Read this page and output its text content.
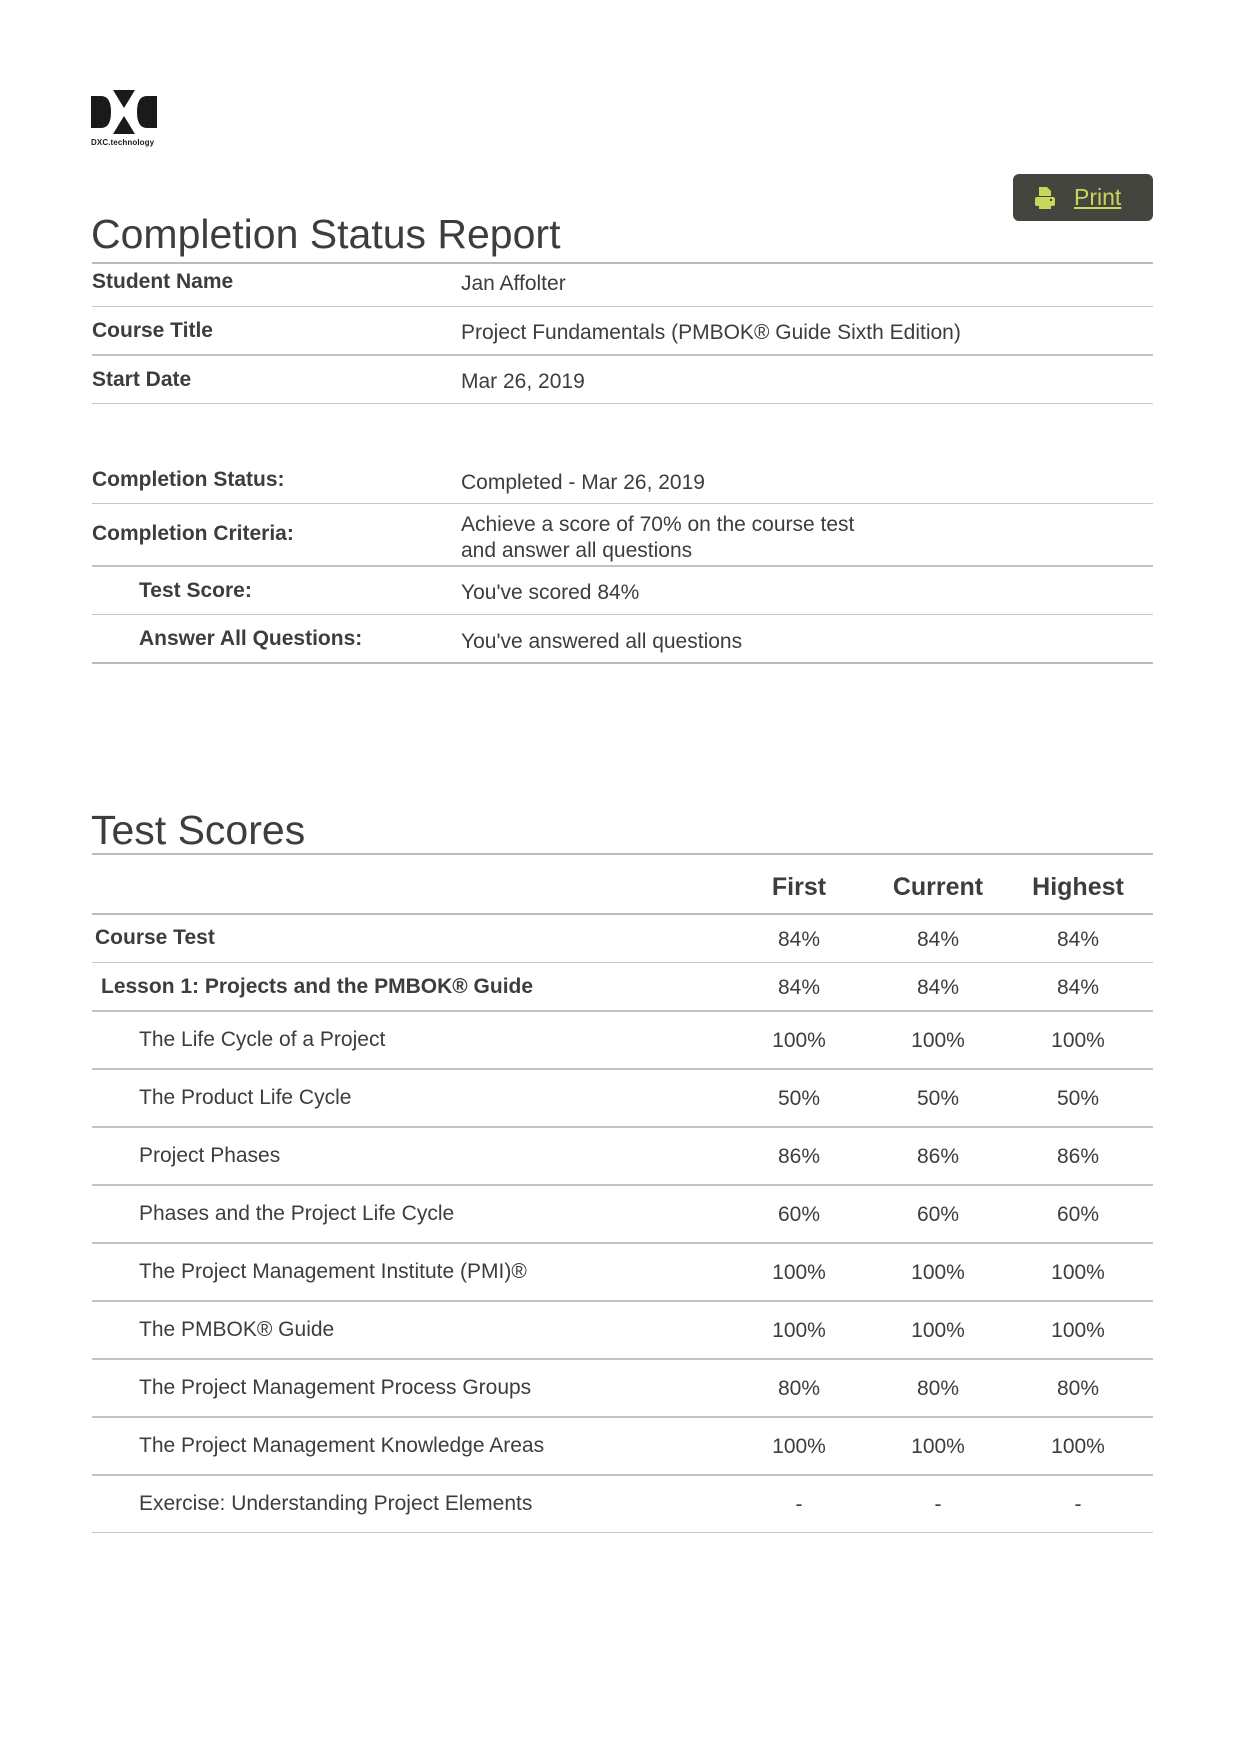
DXC.technology
Print
Completion Status Report
Student Name	Jan Affolter
Course Title	Project Fundamentals (PMBOK® Guide Sixth Edition)
Start Date	Mar 26, 2019
Completion Status:	Completed - Mar 26, 2019
Completion Criteria:	Achieve a score of 70% on the course test
and answer all questions
Test Score:	You've scored 84%
Answer All Questions:	You've answered all questions
Test Scores
First	Current	Highest
Course Test	84%	84%	84%
Lesson 1: Projects and the PMBOK® Guide	84%	84%	84%
The Life Cycle of a Project	100%	100%	100%
The Product Life Cycle	50%	50%	50%
Project Phases	86%	86%	86%
Phases and the Project Life Cycle	60%	60%	60%
The Project Management Institute (PMI)®	100%	100%	100%
The PMBOK® Guide	100%	100%	100%
The Project Management Process Groups	80%	80%	80%
The Project Management Knowledge Areas	100%	100%	100%
Exercise: Understanding Project Elements	-	-	-
